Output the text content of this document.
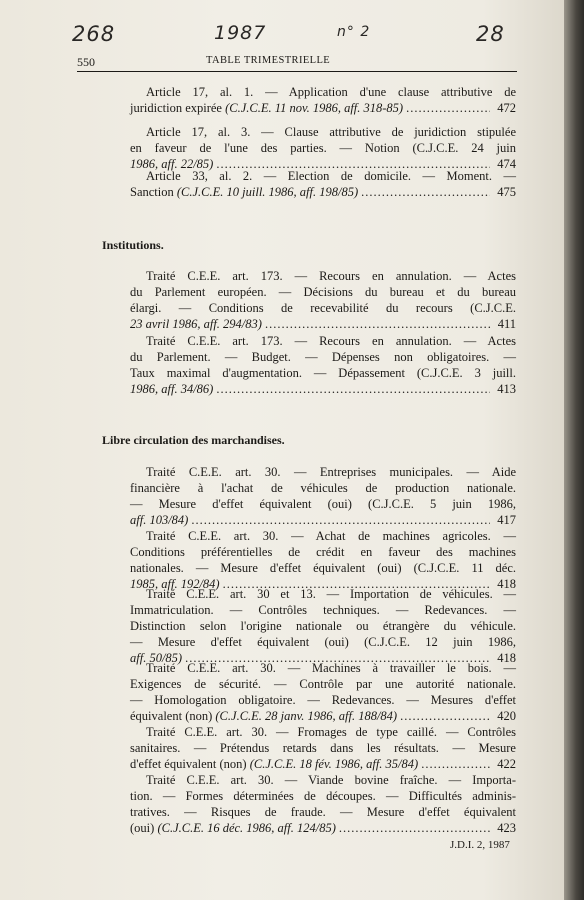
268	1987	n° 2	28
550	TABLE TRIMESTRIELLE
Article 17, al. 1. — Application d'une clause attributive de
juridiction expirée (C.J.C.E. 11 nov. 1986, aff. 318-85) .....	472
Article 17, al. 3. — Clause attributive de juridiction stipulée
en faveur de l'une des parties. — Notion (C.J.C.E. 24 juin
1986, aff. 22/85) .....	474
Article 33, al. 2. — Election de domicile. — Moment. —
Sanction (C.J.C.E. 10 juill. 1986, aff. 198/85) .....	475
Institutions.
Traité C.E.E. art. 173. — Recours en annulation. — Actes
du Parlement européen. — Décisions du bureau et du bureau
élargi. — Conditions de recevabilité du recours (C.J.C.E.
23 avril 1986, aff. 294/83) .....	411
Traité C.E.E. art. 173. — Recours en annulation. — Actes
du Parlement. — Budget. — Dépenses non obligatoires. —
Taux maximal d'augmentation. — Dépassement (C.J.C.E. 3 juill.
1986, aff. 34/86) .....	413
Libre circulation des marchandises.
Traité C.E.E. art. 30. — Entreprises municipales. — Aide
financière à l'achat de véhicules de production nationale.
— Mesure d'effet équivalent (oui) (C.J.C.E. 5 juin 1986,
aff. 103/84) .....	417
Traité C.E.E. art. 30. — Achat de machines agricoles. —
Conditions préférentielles de crédit en faveur des machines
nationales. — Mesure d'effet équivalent (oui) (C.J.C.E. 11 déc.
1985, aff. 192/84) .....	418
Traité C.E.E. art. 30 et 13. — Importation de véhicules. —
Immatriculation. — Contrôles techniques. — Redevances. —
Distinction selon l'origine nationale ou étrangère du véhicule.
— Mesure d'effet équivalent (oui) (C.J.C.E. 12 juin 1986,
aff. 50/85) .....	418
Traité C.E.E. art. 30. — Machines à travailler le bois. —
Exigences de sécurité. — Contrôle par une autorité nationale.
— Homologation obligatoire. — Redevances. — Mesures d'effet
équivalent (non) (C.J.C.E. 28 janv. 1986, aff. 188/84) .....	420
Traité C.E.E. art. 30. — Fromages de type caillé. — Contrôles
sanitaires. — Prétendus retards dans les résultats. — Mesure
d'effet équivalent (non) (C.J.C.E. 18 fév. 1986, aff. 35/84) .....	422
Traité C.E.E. art. 30. — Viande bovine fraîche. — Importa-
tion. — Formes déterminées de découpes. — Difficultés adminis-
tratives. — Risques de fraude. — Mesure d'effet équivalent
(oui) (C.J.C.E. 16 déc. 1986, aff. 124/85) .....	423
J.D.I. 2, 1987
